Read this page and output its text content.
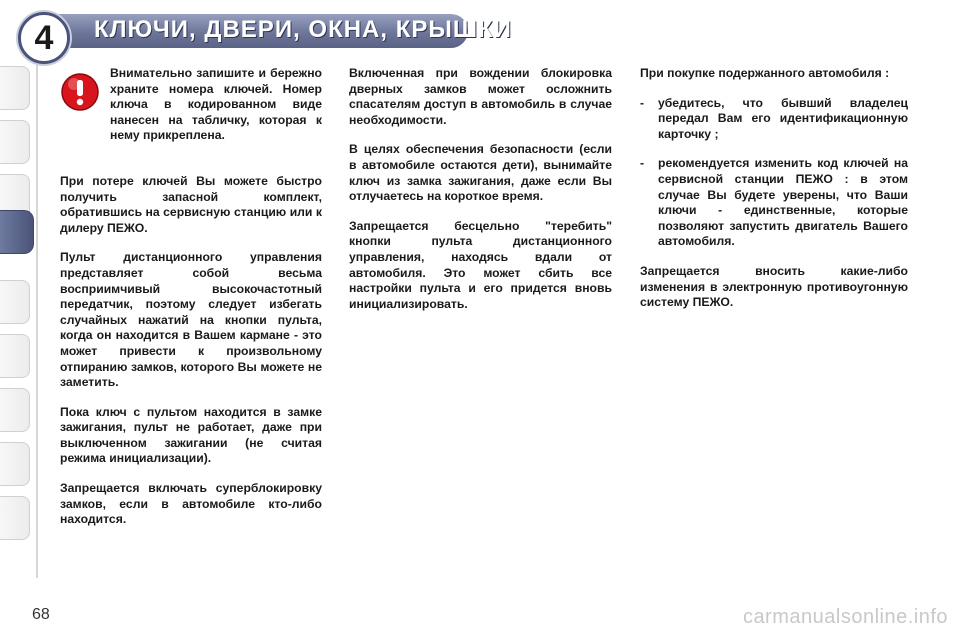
4 КЛЮЧИ, ДВЕРИ, ОКНА, КРЫШКИ

Внимательно запишите и бережно храните номера ключей. Номер ключа в кодированном виде нанесен на табличку, которая к нему прикреплена.

При потере ключей Вы можете быстро получить запасной комплект, обратившись на сервисную станцию или к дилеру ПЕЖО.

Пульт дистанционного управления представляет собой весьма восприимчивый высокочастотный передатчик, поэтому следует избегать случайных нажатий на кнопки пульта, когда он находится в Вашем кармане - это может привести к произвольному отпиранию замков, которого Вы можете не заметить.

Пока ключ с пультом находится в замке зажигания, пульт не работает, даже при выключенном зажигании (не считая режима инициализации).

Запрещается включать суперблокировку замков, если в автомобиле кто-либо находится.

Включенная при вождении блокировка дверных замков может осложнить спасателям доступ в автомобиль в случае необходимости.

В целях обеспечения безопасности (если в автомобиле остаются дети), вынимайте ключ из замка зажигания, даже если Вы отлучаетесь на короткое время.

Запрещается бесцельно "теребить" кнопки пульта дистанционного управления, находясь вдали от автомобиля. Это может сбить все настройки пульта и его придется вновь инициализировать.

При покупке подержанного автомобиля :

-	убедитесь, что бывший владелец передал Вам его идентификационную карточку ;
-	рекомендуется изменить код ключей на сервисной станции ПЕЖО : в этом случае Вы будете уверены, что Ваши ключи - единственные, которые позволяют запустить двигатель Вашего автомобиля.

Запрещается вносить какие-либо изменения в электронную противоугонную систему ПЕЖО.

68	carmanualsonline.info
